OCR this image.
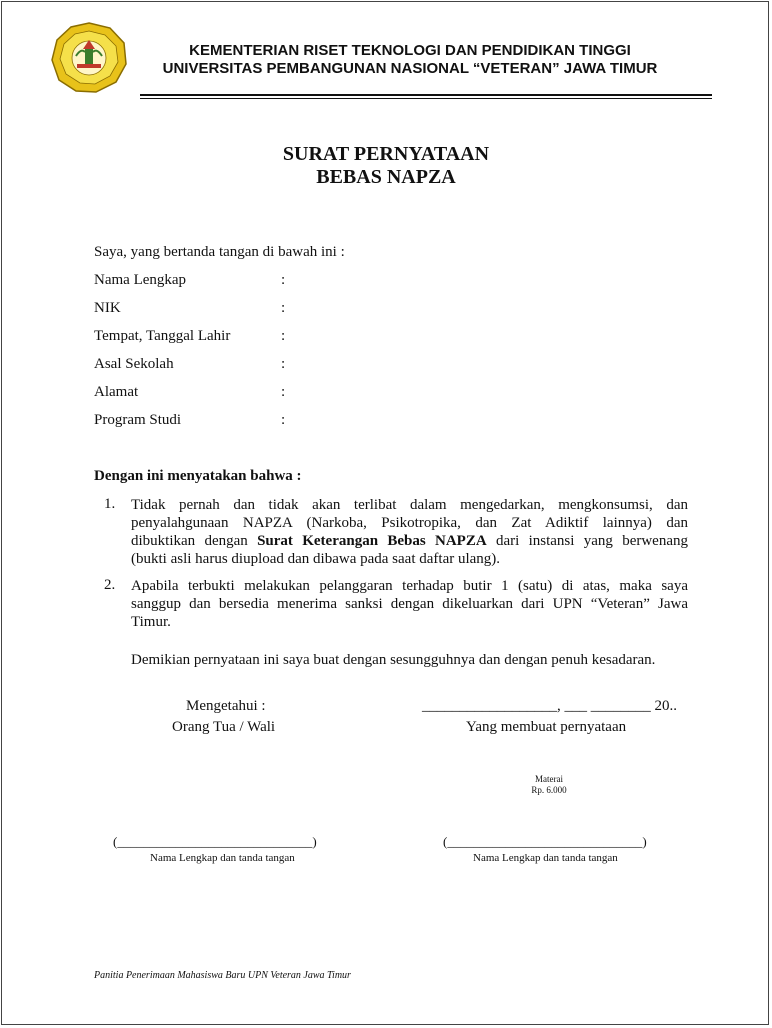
KEMENTERIAN RISET TEKNOLOGI DAN PENDIDIKAN TINGGI
UNIVERSITAS PEMBANGUNAN NASIONAL “VETERAN” JAWA TIMUR
SURAT PERNYATAAN
BEBAS NAPZA
Saya, yang bertanda tangan di bawah ini :
Nama Lengkap	:
NIK	:
Tempat, Tanggal Lahir	:
Asal Sekolah	:
Alamat	:
Program Studi	:
Dengan ini menyatakan bahwa :
1. Tidak pernah dan tidak akan terlibat dalam mengedarkan, mengkonsumsi, dan
penyalahgunaan NAPZA (Narkoba, Psikotropika, dan Zat Adiktif lainnya) dan
dibuktikan dengan Surat Keterangan Bebas NAPZA dari instansi yang berwenang
(bukti asli harus diupload dan dibawa pada saat daftar ulang).
2. Apabila terbukti melakukan pelanggaran terhadap butir 1 (satu) di atas, maka saya
sanggup dan bersedia menerima sanksi dengan dikeluarkan dari UPN “Veteran” Jawa
Timur.
Demikian pernyataan ini saya buat dengan sesungguhnya dan dengan penuh kesadaran.
Mengetahui :
Orang Tua / Wali
__________________, ___ ________ 20..
Yang membuat pernyataan
Materai
Rp. 6.000
(______________________________)	(______________________________)
Nama Lengkap dan tanda tangan	Nama Lengkap dan tanda tangan
Panitia Penerimaan Mahasiswa Baru UPN Veteran Jawa Timur
